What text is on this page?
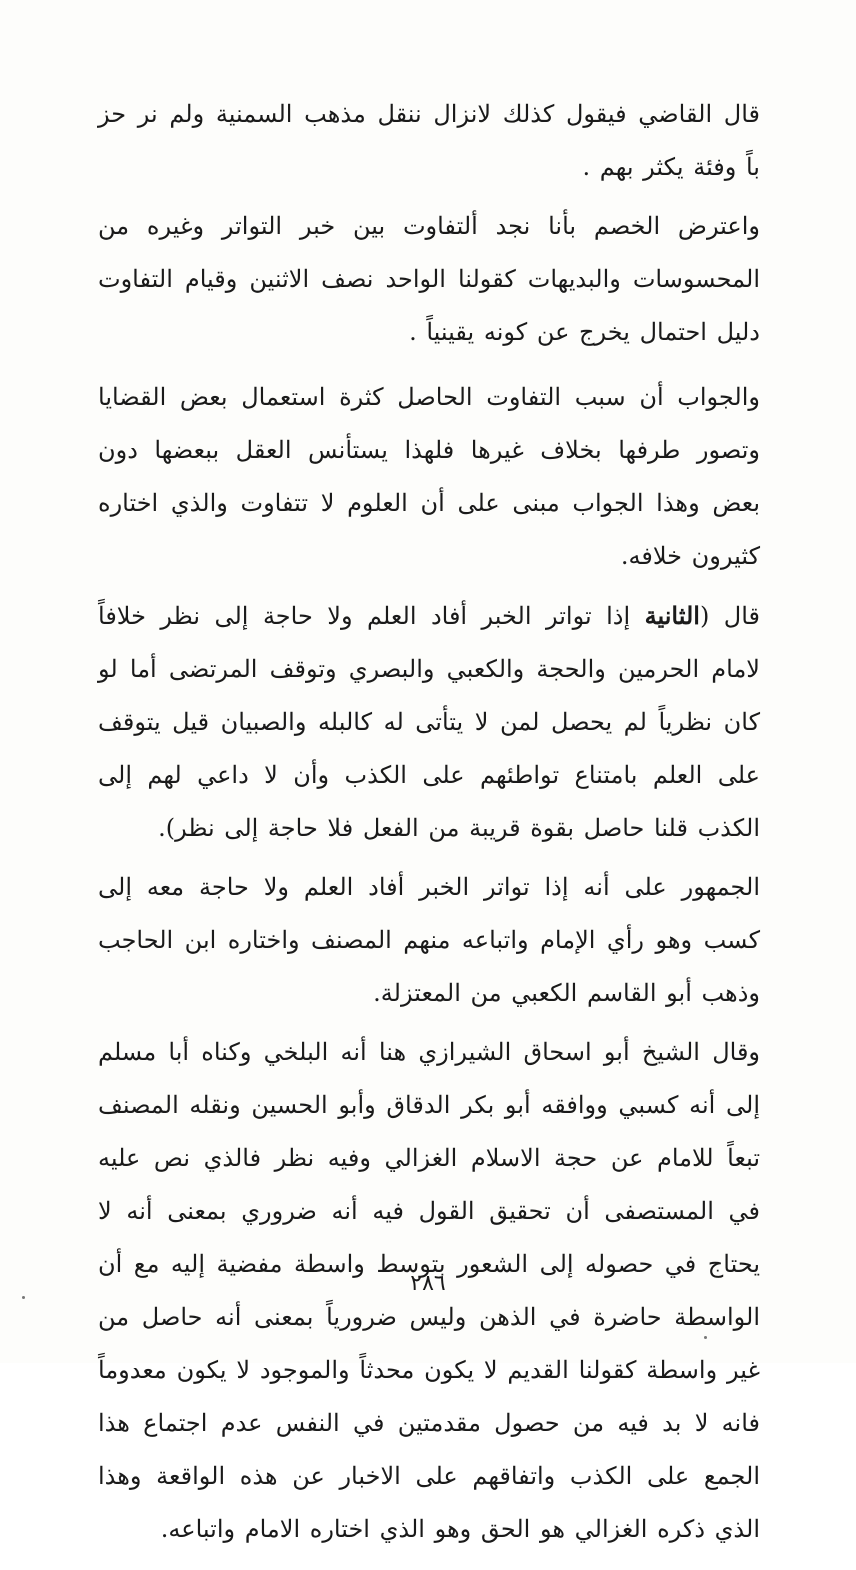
قال القاضي فيقول كذلك لانزال ننقل مذهب السمنية ولم نر حز باً وفئة يكثر بهم .

واعترض الخصم بأنا نجد ألتفاوت بين خبر التواتر وغيره من المحسوسات والبديهات كقولنا الواحد نصف الاثنين وقيام التفاوت دليل احتمال يخرج عن كونه يقينياً .

والجواب أن سبب التفاوت الحاصل كثرة استعمال بعض القضايا وتصور طرفها بخلاف غيرها فلهذا يستأنس العقل ببعضها دون بعض وهذا الجواب مبنى على أن العلوم لا تتفاوت والذي اختاره كثيرون خلافه.

قال (الثانية إذا تواتر الخبر أفاد العلم ولا حاجة إلى نظر خلافاً لامام الحرمين والحجة والكعبي والبصري وتوقف المرتضى أما لو كان نظرياً لم يحصل لمن لا يتأتى له كالبله والصبيان قيل يتوقف على العلم بامتناع تواطئهم على الكذب وأن لا داعي لهم إلى الكذب قلنا حاصل بقوة قريبة من الفعل فلا حاجة إلى نظر).

الجمهور على أنه إذا تواتر الخبر أفاد العلم ولا حاجة معه إلى كسب وهو رأي الإمام واتباعه منهم المصنف واختاره ابن الحاجب وذهب أبو القاسم الكعبي من المعتزلة.

وقال الشيخ أبو اسحاق الشيرازي هنا أنه البلخي وكناه أبا مسلم إلى أنه كسبي ووافقه أبو بكر الدقاق وأبو الحسين ونقله المصنف تبعاً للامام عن حجة الاسلام الغزالي وفيه نظر فالذي نص عليه في المستصفى أن تحقيق القول فيه أنه ضروري بمعنى أنه لا يحتاج في حصوله إلى الشعور بتوسط واسطة مفضية إليه مع أن الواسطة حاضرة في الذهن وليس ضرورياً بمعنى أنه حاصل من غير واسطة كقولنا القديم لا يكون محدثاً والموجود لا يكون معدوماً فانه لا بد فيه من حصول مقدمتين في النفس عدم اجتماع هذا الجمع على الكذب واتفاقهم على الاخبار عن هذه الواقعة وهذا الذي ذكره الغزالي هو الحق وهو الذي اختاره الامام واتباعه.

٢٨٦
